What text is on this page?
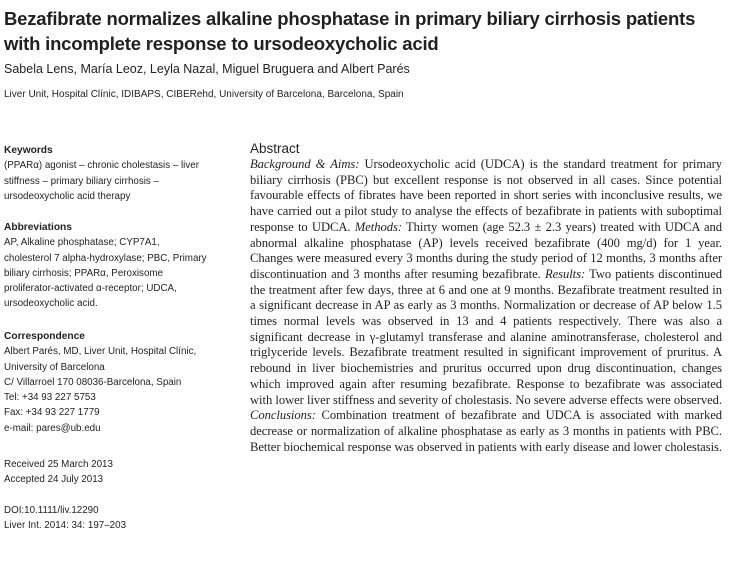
Bezafibrate normalizes alkaline phosphatase in primary biliary cirrhosis patients with incomplete response to ursodeoxycholic acid
Sabela Lens, María Leoz, Leyla Nazal, Miguel Bruguera and Albert Parés
Liver Unit, Hospital Clínic, IDIBAPS, CIBERehd, University of Barcelona, Barcelona, Spain
Keywords
(PPARα) agonist – chronic cholestasis – liver
stiffness – primary biliary cirrhosis –
ursodeoxycholic acid therapy
Abbreviations
AP, Alkaline phosphatase; CYP7A1,
cholesterol 7 alpha-hydroxylase; PBC, Primary
biliary cirrhosis; PPARα, Peroxisome
proliferator-activated α-receptor; UDCA,
ursodeoxycholic acid.
Correspondence
Albert Parés, MD, Liver Unit, Hospital Clínic,
University of Barcelona
C/ Villarroel 170 08036-Barcelona, Spain
Tel: +34 93 227 5753
Fax: +34 93 227 1779
e-mail: pares@ub.edu
Received 25 March 2013
Accepted 24 July 2013
DOI:10.1111/liv.12290
Liver Int. 2014: 34: 197–203
Abstract

Background & Aims: Ursodeoxycholic acid (UDCA) is the standard treatment for primary biliary cirrhosis (PBC) but excellent response is not observed in all cases. Since potential favourable effects of fibrates have been reported in short series with inconclusive results, we have carried out a pilot study to analyse the effects of bezafibrate in patients with suboptimal response to UDCA. Methods: Thirty women (age 52.3 ± 2.3 years) treated with UDCA and abnormal alkaline phosphatase (AP) levels received bezafibrate (400 mg/d) for 1 year. Changes were measured every 3 months during the study period of 12 months, 3 months after discontinuation and 3 months after resuming bezafibrate. Results: Two patients discontinued the treatment after few days, three at 6 and one at 9 months. Bezafibrate treatment resulted in a significant decrease in AP as early as 3 months. Normalization or decrease of AP below 1.5 times normal levels was observed in 13 and 4 patients respectively. There was also a significant decrease in γ-glutamyl transferase and alanine aminotransferase, cholesterol and triglyceride levels. Bezafibrate treatment resulted in significant improvement of pruritus. A rebound in liver biochemistries and pruritus occurred upon drug discontinuation, changes which improved again after resuming bezafibrate. Response to bezafibrate was associated with lower liver stiffness and severity of cholestasis. No severe adverse effects were observed. Conclusions: Combination treatment of bezafibrate and UDCA is associated with marked decrease or normalization of alkaline phosphatase as early as 3 months in patients with PBC. Better biochemical response was observed in patients with early disease and lower cholestasis.
